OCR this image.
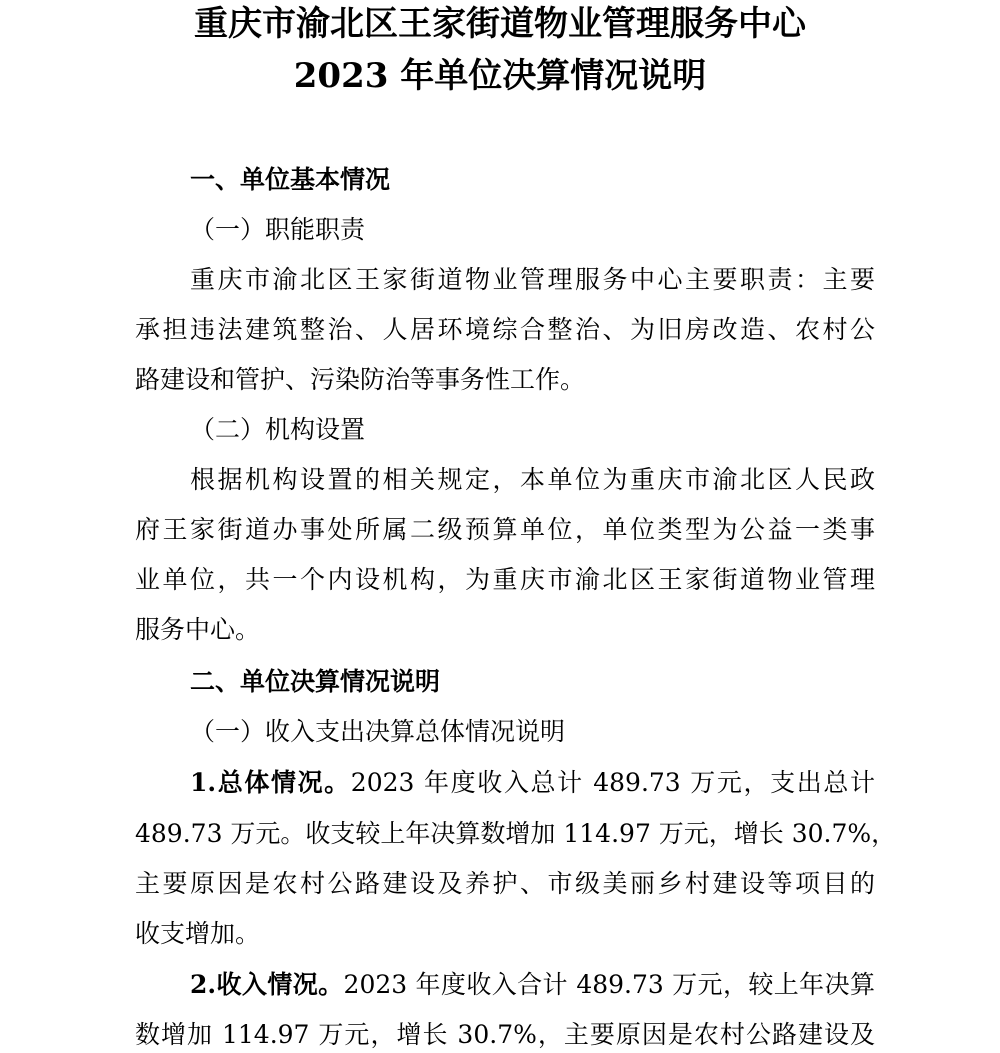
重庆市渝北区王家街道物业管理服务中心
2023 年单位决算情况说明

一、单位基本情况

（一）职能职责

重庆市渝北区王家街道物业管理服务中心主要职责：主要

承担违法建筑整治、人居环境综合整治、为旧房改造、农村公

路建设和管护、污染防治等事务性工作。

（二）机构设置

根据机构设置的相关规定，本单位为重庆市渝北区人民政

府王家街道办事处所属二级预算单位，单位类型为公益一类事

业单位，共一个内设机构，为重庆市渝北区王家街道物业管理

服务中心。

二、单位决算情况说明

（一）收入支出决算总体情况说明

1.总体情况。2023 年度收入总计 489.73 万元，支出总计

489.73 万元。收支较上年决算数增加 114.97 万元，增长 30.7%，

主要原因是农村公路建设及养护、市级美丽乡村建设等项目的

收支增加。

2.收入情况。2023 年度收入合计 489.73 万元，较上年决算

数增加 114.97 万元，增长 30.7%，主要原因是农村公路建设及
